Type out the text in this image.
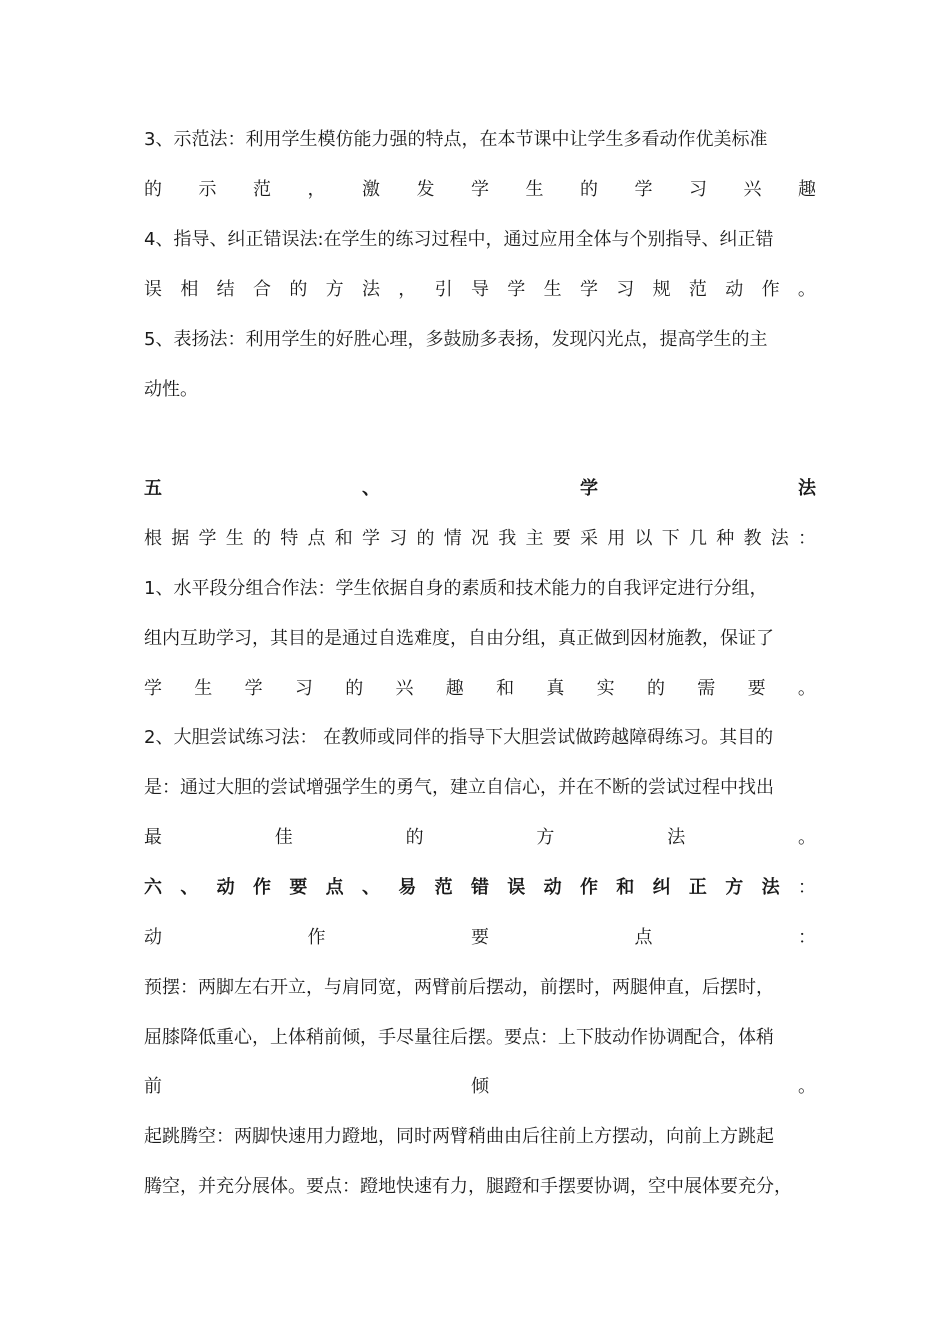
3、示范法：利用学生模仿能力强的特点，在本节课中让学生多看动作优美标准
的 示 范 ， 激 发 学 生 的 学 习 兴 趣
4、指导、纠正错误法:在学生的练习过程中，通过应用全体与个别指导、纠正错
误 相 结 合 的 方 法 ， 引 导 学 生 学 习 规 范 动 作 。
5、表扬法：利用学生的好胜心理，多鼓励多表扬，发现闪光点，提高学生的主
动性。
五	、	学	法
根 据 学 生 的 特 点 和 学 习 的 情 况 我 主 要 采 用 以 下 几 种 教 法 ：
1、水平段分组合作法：学生依据自身的素质和技术能力的自我评定进行分组，
组内互助学习，其目的是通过自选难度，自由分组，真正做到因材施教，保证了
学 生 学 习 的 兴 趣 和 真 实 的 需 要 。
2、大胆尝试练习法： 在教师或同伴的指导下大胆尝试做跨越障碍练习。其目的
是：通过大胆的尝试增强学生的勇气，建立自信心，并在不断的尝试过程中找出
最	佳	的	方	法	。
六 、 动 作 要 点 、 易 范 错 误 动 作 和 纠 正 方 法 ：
动	作	要	点	：
预摆：两脚左右开立，与肩同宽，两臂前后摆动，前摆时，两腿伸直，后摆时，
屈膝降低重心，上体稍前倾，手尽量往后摆。要点：上下肢动作协调配合，体稍
前	倾	。
起跳腾空：两脚快速用力蹬地，同时两臂稍曲由后往前上方摆动，向前上方跳起
腾空，并充分展体。要点：蹬地快速有力，腿蹬和手摆要协调，空中展体要充分，
